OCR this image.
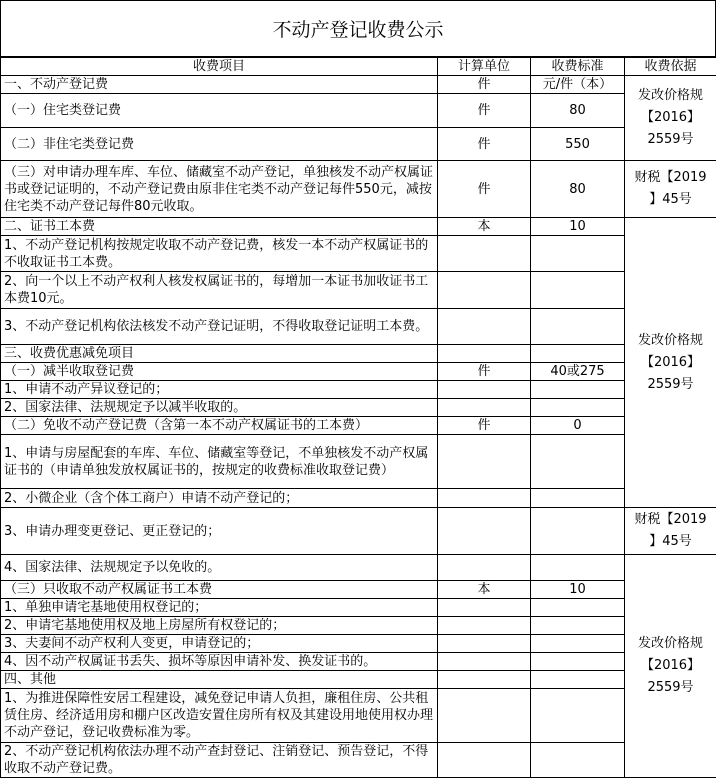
不动产登记收费公示
收费项目	计算单位	收费标准	收费依据
一、不动产登记费	件	元/件（本）	发改价格规
【2016】
2559号
（一）住宅类登记费	件	80	
（二）非住宅类登记费	件	550	
（三）对申请办理车库、车位、储藏室不动产登记，单独核发不动产权属证书或登记证明的，不动产登记费由原非住宅类不动产登记每件550元，减按住宅类不动产登记每件80元收取。	件	80	财税【2019
】45号
二、证书工本费	本	10	发改价格规
【2016】
2559号
1、不动产登记机构按规定收取不动产登记费，核发一本不动产权属证书的不收取证书工本费。			
2、向一个以上不动产权利人核发权属证书的，每增加一本证书加收证书工本费10元。			
3、不动产登记机构依法核发不动产登记证明，不得收取登记证明工本费。			
三、收费优惠减免项目			
（一）减半收取登记费	件	40或275	
1、申请不动产异议登记的；			
2、国家法律、法规规定予以减半收取的。			
（二）免收不动产登记费（含第一本不动产权属证书的工本费）	件	0	
1、申请与房屋配套的车库、车位、储藏室等登记，不单独核发不动产权属证书的（申请单独发放权属证书的，按规定的收费标准收取登记费）			
2、小微企业（含个体工商户）申请不动产登记的；			
3、申请办理变更登记、更正登记的；			财税【2019
】45号
4、国家法律、法规规定予以免收的。			发改价格规
【2016】
2559号
（三）只收取不动产权属证书工本费	本	10	
1、单独申请宅基地使用权登记的；			
2、申请宅基地使用权及地上房屋所有权登记的；			
3、夫妻间不动产权利人变更，申请登记的；			
4、因不动产权属证书丢失、损坏等原因申请补发、换发证书的。			
四、其他			
1、为推进保障性安居工程建设，减免登记申请人负担，廉租住房、公共租赁住房、经济适用房和棚户区改造安置住房所有权及其建设用地使用权办理不动产登记，登记收费标准为零。			
2、不动产登记机构依法办理不动产查封登记、注销登记、预告登记，不得收取不动产登记费。			
